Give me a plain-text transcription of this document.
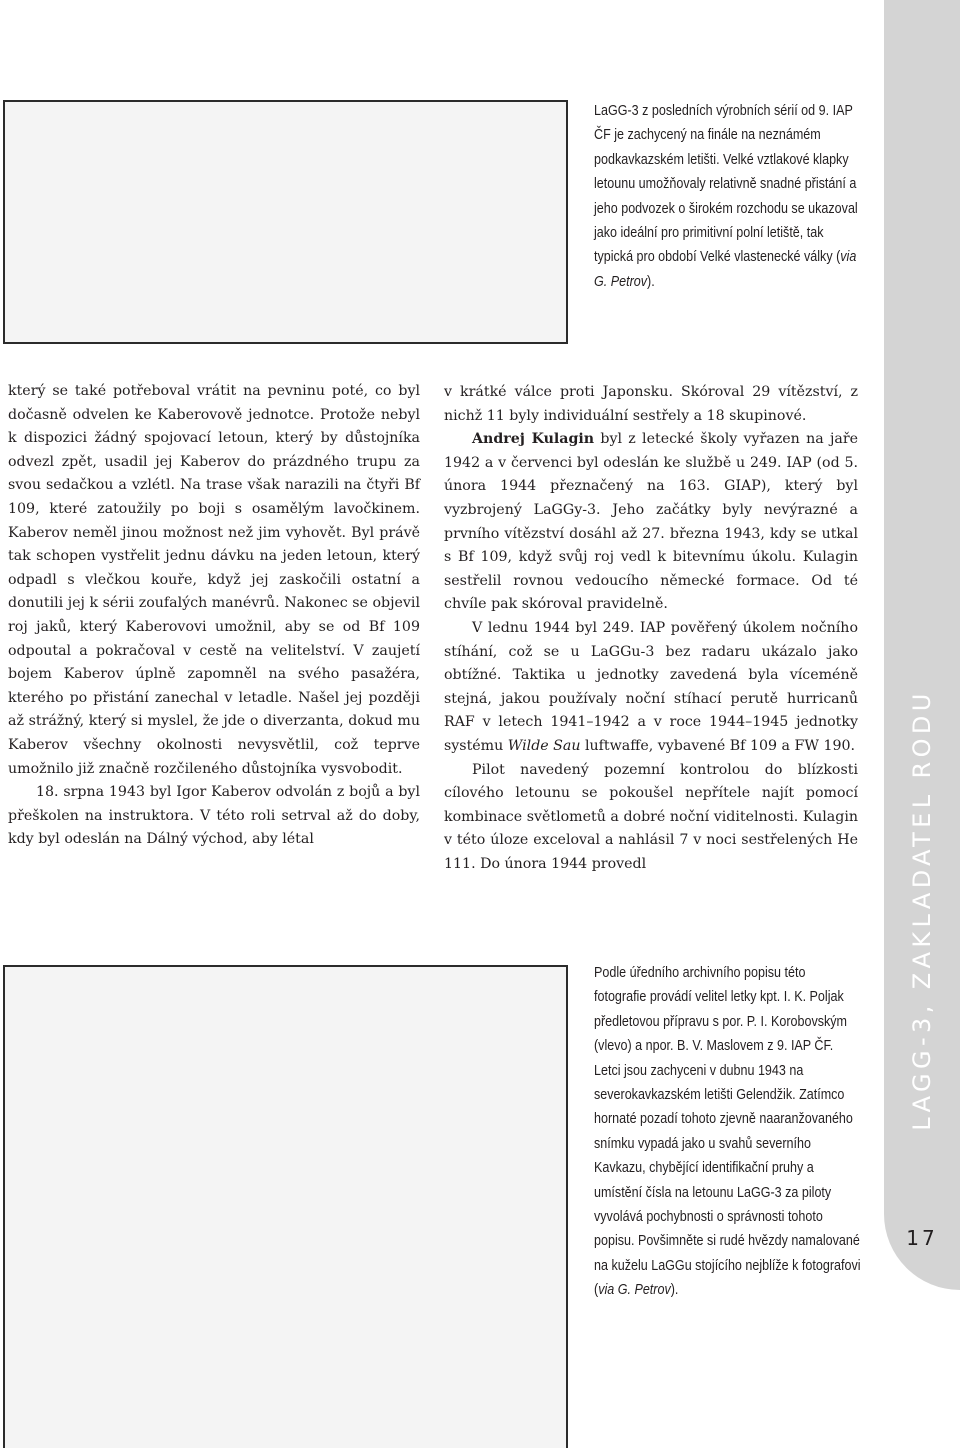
LaGG-3 z posledních výrobních sérií od 9. IAP ČF je zachycený na finále na neznámém podkavkazském letišti. Velké vztlakové klapky letounu umožňovaly relativně snadné přistání a jeho podvozek o širokém rozchodu se ukazoval jako ideální pro primitivní polní letiště, tak typická pro období Velké vlastenecké války (via G. Petrov).

který se také potřeboval vrátit na pevninu poté, co byl dočasně odvelen ke Kaberovově jednotce. Protože nebyl k dispozici žádný spojovací letoun, který by důstojníka odvezl zpět, usadil jej Kaberov do prázdného trupu za svou sedačkou a vzlétl. Na trase však narazili na čtyři Bf 109, které zatoužily po boji s osamělým lavočkinem. Kaberov neměl jinou možnost než jim vyhovět. Byl právě tak schopen vystřelit jednu dávku na jeden letoun, který odpadl s vlečkou kouře, když jej zaskočili ostatní a donutili jej k sérii zoufalých manévrů. Nakonec se objevil roj jaků, který Kaberovovi umožnil, aby se od Bf 109 odpoutal a pokračoval v cestě na velitelství. V zaujetí bojem Kaberov úplně zapomněl na svého pasažéra, kterého po přistání zanechal v letadle. Našel jej později až strážný, který si myslel, že jde o diverzanta, dokud mu Kaberov všechny okolnosti nevysvětlil, což teprve umožnilo již značně rozčileného důstojníka vysvobodit.

18. srpna 1943 byl Igor Kaberov odvolán z bojů a byl přeškolen na instruktora. V této roli setrval až do doby, kdy byl odeslán na Dálný východ, aby létal

v krátké válce proti Japonsku. Skóroval 29 vítězství, z nichž 11 byly individuální sestřely a 18 skupinové.

Andrej Kulagin byl z letecké školy vyřazen na jaře 1942 a v červenci byl odeslán ke službě u 249. IAP (od 5. února 1944 přeznačený na 163. GIAP), který byl vyzbrojený LaGGy-3. Jeho začátky byly nevýrazné a prvního vítězství dosáhl až 27. března 1943, kdy se utkal s Bf 109, když svůj roj vedl k bitevnímu úkolu. Kulagin sestřelil rovnou vedoucího německé formace. Od té chvíle pak skóroval pravidelně.

V lednu 1944 byl 249. IAP pověřený úkolem nočního stíhání, což se u LaGGu-3 bez radaru ukázalo jako obtížné. Taktika u jednotky zavedená byla víceméně stejná, jakou používaly noční stíhací perutě hurricanů RAF v letech 1941–1942 a v roce 1944–1945 jednotky systému Wilde Sau luftwaffe, vybavené Bf 109 a FW 190.

Pilot navedený pozemní kontrolou do blízkosti cílového letounu se pokoušel nepřítele najít pomocí kombinace světlometů a dobré noční viditelnosti. Kulagin v této úloze exceloval a nahlásil 7 v noci sestřelených He 111. Do února 1944 provedl

Podle úředního archivního popisu této fotografie provádí velitel letky kpt. I. K. Poljak předletovou přípravu s por. P. I. Korobovským (vlevo) a npor. B. V. Maslovem z 9. IAP ČF. Letci jsou zachyceni v dubnu 1943 na severokavkazském letišti Gelendžik. Zatímco hornaté pozadí tohoto zjevně naaranžovaného snímku vypadá jako u svahů severního Kavkazu, chybějící identifikační pruhy a umístění čísla na letounu LaGG-3 za piloty vyvolává pochybnosti o správnosti tohoto popisu. Povšimněte si rudé hvězdy namalované na kuželu LaGGu stojícího nejblíže k fotografovi (via G. Petrov).

LAGG-3, ZAKLADATEL RODU
17
